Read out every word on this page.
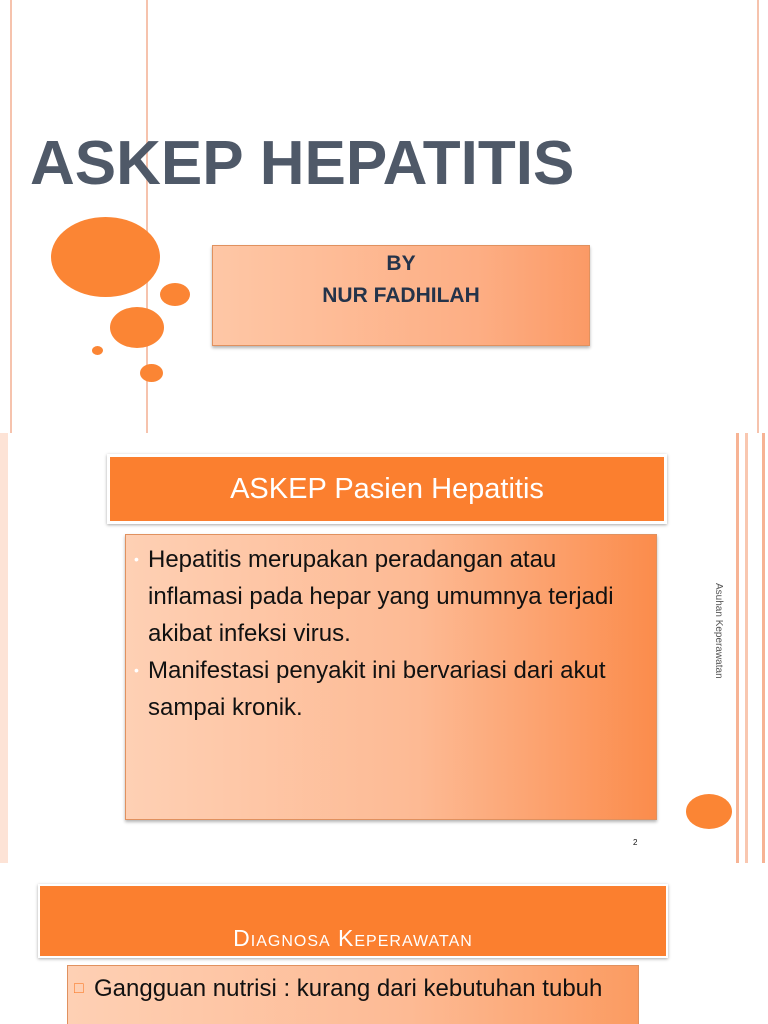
ASKEP HEPATITIS
BY
NUR FADHILAH
ASKEP Pasien Hepatitis
• Hepatitis merupakan peradangan atau inflamasi pada hepar yang umumnya terjadi akibat infeksi virus.
• Manifestasi penyakit ini bervariasi dari akut sampai kronik.
Asuhan Keperawatan
2
Diagnosa Keperawatan
□ Gangguan nutrisi : kurang dari kebutuhan tubuh
